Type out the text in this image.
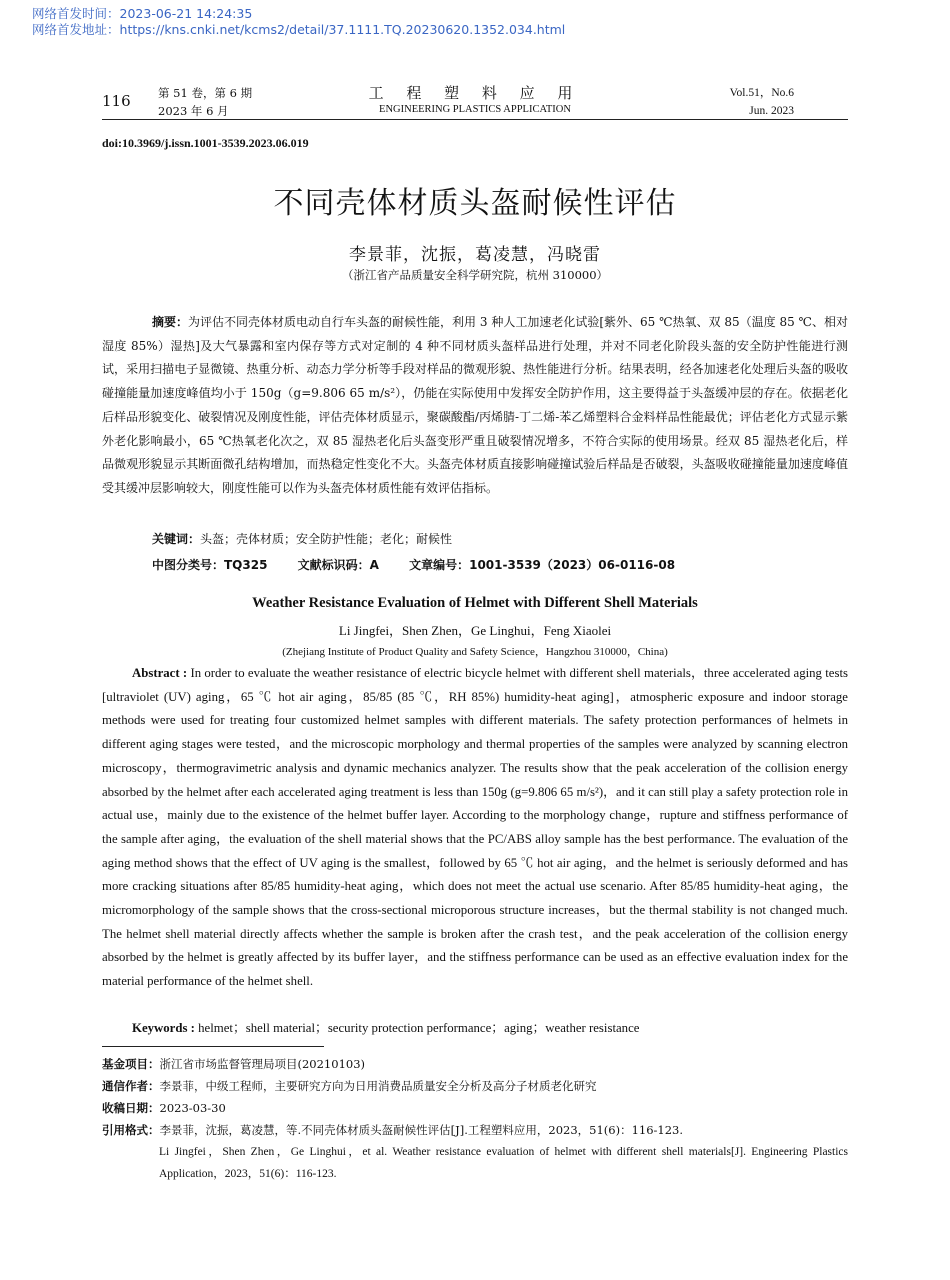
网络首发时间：2023-06-21 14:24:35
网络首发地址：https://kns.cnki.net/kcms2/detail/37.1111.TQ.20230620.1352.034.html
116 第 51 卷，第 6 期
2023 年 6 月
工 程 塑 料 应 用
ENGINEERING PLASTICS APPLICATION
Vol.51，No.6
Jun. 2023
doi:10.3969/j.issn.1001-3539.2023.06.019
不同壳体材质头盔耐候性评估
李景菲，沈振，葛凌慧，冯晓雷
（浙江省产品质量安全科学研究院，杭州 310000）
摘要：为评估不同壳体材质电动自行车头盔的耐候性能，利用 3 种人工加速老化试验[紫外、65 ℃热氧、双 85（温度 85 ℃、相对湿度 85%）湿热]及大气暴露和室内保存等方式对定制的 4 种不同材质头盔样品进行处理，并对不同老化阶段头盔的安全防护性能进行测试，采用扫描电子显微镜、热重分析、动态力学分析等手段对样品的微观形貌、热性能进行分析。结果表明，经各加速老化处理后头盔的吸收碰撞能量加速度峰值均小于 150g（g=9.806 65 m/s²），仍能在实际使用中发挥安全防护作用，这主要得益于头盔缓冲层的存在。依据老化后样品形貌变化、破裂情况及刚度性能，评估壳体材质显示，聚碳酸酯/丙烯腈-丁二烯-苯乙烯塑料合金料样品性能最优；评估老化方式显示紫外老化影响最小，65 ℃热氧老化次之，双 85 湿热老化后头盔变形严重且破裂情况增多，不符合实际的使用场景。经双 85 湿热老化后，样品微观形貌显示其断面微孔结构增加，而热稳定性变化不大。头盔壳体材质直接影响碰撞试验后样品是否破裂，头盔吸收碰撞能量加速度峰值受其缓冲层影响较大，刚度性能可以作为头盔壳体材质性能有效评估指标。
关键词：头盔；壳体材质；安全防护性能；老化；耐候性
中图分类号：TQ325	文献标识码：A	文章编号：1001-3539（2023）06-0116-08
Weather Resistance Evaluation of Helmet with Different Shell Materials
Li Jingfei，Shen Zhen，Ge Linghui，Feng Xiaolei
(Zhejiang Institute of Product Quality and Safety Science，Hangzhou 310000，China)
Abstract : In order to evaluate the weather resistance of electric bicycle helmet with different shell materials，three accelerated aging tests [ultraviolet (UV) aging，65 ℃ hot air aging，85/85 (85 ℃，RH 85%) humidity-heat aging]，atmospheric exposure and indoor storage methods were used for treating four customized helmet samples with different materials. The safety protection performances of helmets in different aging stages were tested，and the microscopic morphology and thermal properties of the samples were analyzed by scanning electron microscopy，thermogravimetric analysis and dynamic mechanics analyzer. The results show that the peak acceleration of the collision energy absorbed by the helmet after each accelerated aging treatment is less than 150g (g=9.806 65 m/s²)，and it can still play a safety protection role in actual use，mainly due to the existence of the helmet buffer layer. According to the morphology change，rupture and stiffness performance of the sample after aging，the evaluation of the shell material shows that the PC/ABS alloy sample has the best performance. The evaluation of the aging method shows that the effect of UV aging is the smallest，followed by 65 ℃ hot air aging，and the helmet is seriously deformed and has more cracking situations after 85/85 humidity-heat aging，which does not meet the actual use scenario. After 85/85 humidity-heat aging，the micromorphology of the sample shows that the cross-sectional microporous structure increases，but the thermal stability is not changed much. The helmet shell material directly affects whether the sample is broken after the crash test，and the peak acceleration of the collision energy absorbed by the helmet is greatly affected by its buffer layer，and the stiffness performance can be used as an effective evaluation index for the material performance of the helmet shell.
Keywords : helmet；shell material；security protection performance；aging；weather resistance
基金项目：浙江省市场监督管理局项目(20210103)
通信作者：李景菲，中级工程师，主要研究方向为日用消费品质量安全分析及高分子材质老化研究
收稿日期：2023-03-30
引用格式：李景菲，沈振，葛凌慧，等.不同壳体材质头盔耐候性评估[J].工程塑料应用，2023，51(6)：116-123.
Li Jingfei，Shen Zhen，Ge Linghui，et al. Weather resistance evaluation of helmet with different shell materials[J]. Engineering Plastics Application，2023，51(6)：116-123.
